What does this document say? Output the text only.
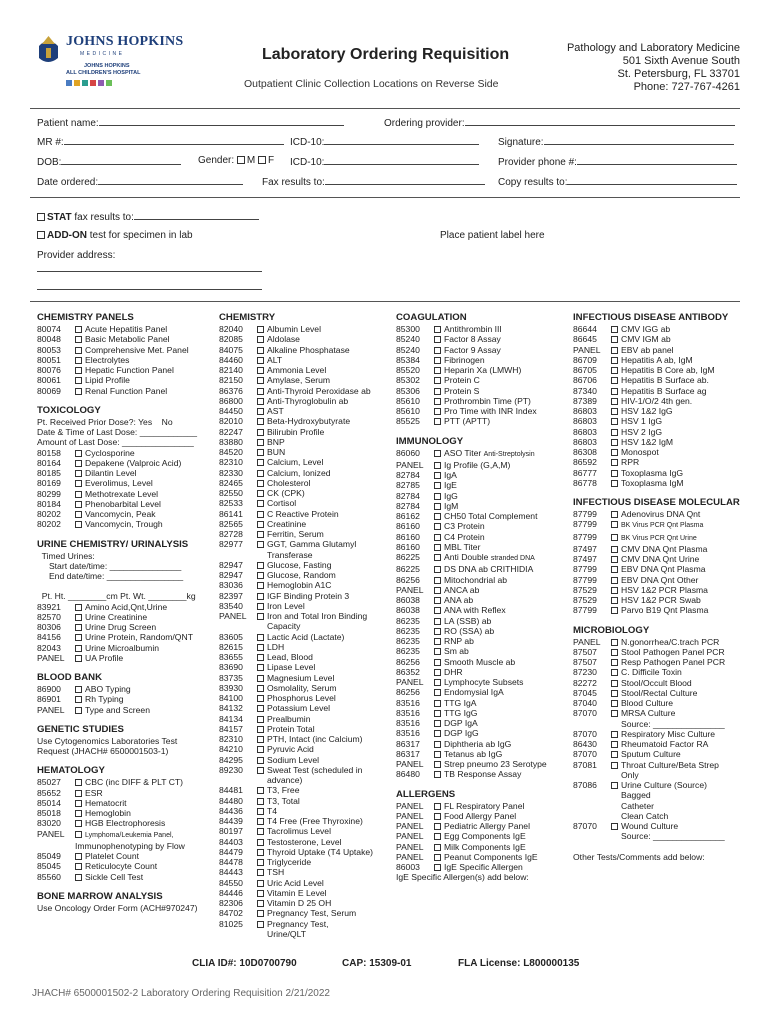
JOHNS HOPKINS
MEDICINE
JOHNS HOPKINS
ALL CHILDREN'S HOSPITAL
Laboratory Ordering Requisition
Outpatient Clinic Collection Locations on Reverse Side
Pathology and Laboratory Medicine
501 Sixth Avenue South
St. Petersburg, FL 33701
Phone: 727-767-4261
Patient name:	Ordering provider:
MR #:	ICD-10:	Signature:
DOB:	Gender: M F ICD-10:	Provider phone #:
Date ordered:	Fax results to:	Copy results to:
STAT fax results to:
ADD-ON test for specimen in lab	Place patient label here
Provider address:
CHEMISTRY PANELS
80074	Acute Hepatitis Panel
80048	Basic Metabolic Panel
80053	Comprehensive Met. Panel
80051	Electrolytes
80076	Hepatic Function Panel
80061	Lipid Profile
80069	Renal Function Panel
TOXICOLOGY
Pt. Received Prior Dose?: Yes    No
Date & Time of Last Dose: ____________
Amount of Last Dose: _______________
80158	Cyclosporine
80164	Depakene (Valproic Acid)
80185	Dilantin Level
80169	Everolimus, Level
80299	Methotrexate Level
80184	Phenobarbital Level
80202	Vancomycin, Peak
80202	Vancomycin, Trough
URINE CHEMISTRY/ URINALYSIS
Timed Urines:
Start date/time: _______________
End date/time: ________________
Pt. Ht. ________cm Pt. Wt. ________kg
83921	Amino Acid,Qnt,Urine
82570	Urine Creatinine
80306	Urine Drug Screen
84156	Urine Protein, Random/QNT
82043	Urine Microalbumin
PANEL	UA Profile
BLOOD BANK
86900	ABO Typing
86901	Rh Typing
PANEL	Type and Screen
GENETIC STUDIES
Use Cytogenomics Laboratories Test
Request (JHACH# 6500001503-1)
HEMATOLOGY
85027	CBC (inc DIFF & PLT CT)
85652	ESR
85014	Hematocrit
85018	Hemoglobin
83020	HGB Electrophoresis
PANEL	Lymphoma/Leukemia Panel,
Immunophenotyping by Flow
85049	Platelet Count
85045	Reticulocyte Count
85560	Sickle Cell Test
BONE MARROW ANALYSIS
Use Oncology Order Form (ACH#970247)
CHEMISTRY
82040	Albumin Level
82085	Aldolase
84075	Alkaline Phosphatase
84460	ALT
82140	Ammonia Level
82150	Amylase, Serum
86376	Anti-Thyroid Peroxidase ab
86800	Anti-Thyroglobulin ab
84450	AST
82010	Beta-Hydroxybutyrate
82247	Bilirubin Profile
83880	BNP
84520	BUN
82310	Calcium, Level
82330	Calcium, Ionized
82465	Cholesterol
82550	CK (CPK)
82533	Cortisol
86141	C Reactive Protein
82565	Creatinine
82728	Ferritin, Serum
82977	GGT, Gamma Glutamyl
Transferase
82947	Glucose, Fasting
82947	Glucose, Random
83036	Hemoglobin A1C
82397	IGF Binding Protein 3
83540	Iron Level
PANEL	Iron and Total Iron Binding
Capacity
83605	Lactic Acid (Lactate)
82615	LDH
83655	Lead, Blood
83690	Lipase Level
83735	Magnesium Level
83930	Osmolality, Serum
84100	Phosphorus Level
84132	Potassium Level
84134	Prealbumin
84157	Protein Total
82310	PTH, Intact (inc Calcium)
84210	Pyruvic Acid
84295	Sodium Level
89230	Sweat Test (scheduled in
advance)
84481	T3, Free
84480	T3, Total
84436	T4
84439	T4 Free (Free Thyroxine)
80197	Tacrolimus Level
84403	Testosterone, Level
84479	Thyroid Uptake (T4 Uptake)
84478	Triglyceride
84443	TSH
84550	Uric Acid Level
84446	Vitamin E Level
82306	Vitamin D 25 OH
84702	Pregnancy Test, Serum
81025	Pregnancy Test,
Urine/QLT
COAGULATION
85300	Antithrombin III
85240	Factor 8 Assay
85240	Factor 9 Assay
85384	Fibrinogen
85520	Heparin Xa (LMWH)
85302	Protein C
85306	Protein S
85610	Prothrombin Time (PT)
85610	Pro Time with INR Index
85525	PTT (APTT)
IMMUNOLOGY
86060	ASO Titer Anti-Streptolysin
PANEL	Ig Profile (G,A,M)
82784	IgA
82785	IgE
82784	IgG
82784	IgM
86162	CH50 Total Complement
86160	C3 Protein
86160	C4 Protein
86160	MBL Titer
86225	Anti Double stranded DNA
86225	DS DNA ab CRITHIDIA
86256	Mitochondrial ab
PANEL	ANCA ab
86038	ANA ab
86038	ANA with Reflex
86235	LA (SSB) ab
86235	RO (SSA) ab
86235	RNP ab
86235	Sm ab
86256	Smooth Muscle ab
86352	DHR
PANEL	Lymphocyte Subsets
86256	Endomysial IgA
83516	TTG IgA
83516	TTG IgG
83516	DGP IgA
83516	DGP IgG
86317	Diphtheria ab IgG
86317	Tetanus ab IgG
PANEL	Strep pneumo 23 Serotype
86480	TB Response Assay
ALLERGENS
PANEL	FL Respiratory Panel
PANEL	Food Allergy Panel
PANEL	Pediatric Allergy Panel
PANEL	Egg Components IgE
PANEL	Milk Components IgE
PANEL	Peanut Components IgE
86003	IgE Specific Allergen
IgE Specific Allergen(s) add below:
INFECTIOUS DISEASE ANTIBODY
86644	CMV IGG ab
86645	CMV IGM ab
PANEL	EBV ab panel
86709	Hepatitis A ab, IgM
86705	Hepatitis B Core ab, IgM
86706	Hepatitis B Surface ab.
87340	Hepatitis B Surface ag
87389	HIV-1/O/2 4th gen.
86803	HSV 1&2 IgG
86803	HSV 1 IgG
86803	HSV 2 IgG
86803	HSV 1&2 IgM
86308	Monospot
86592	RPR
86777	Toxoplasma IgG
86778	Toxoplasma IgM
INFECTIOUS DISEASE MOLECULAR
87799	Adenovirus DNA Qnt
87799	BK Virus PCR Qnt Plasma
87799	BK Virus PCR Qnt Urine
87497	CMV DNA Qnt Plasma
87497	CMV DNA Qnt Urine
87799	EBV DNA Qnt Plasma
87799	EBV DNA Qnt Other
87529	HSV 1&2 PCR Plasma
87529	HSV 1&2 PCR Swab
87799	Parvo B19 Qnt Plasma
MICROBIOLOGY
PANEL	N.gonorrhea/C.trach PCR
87507	Stool Pathogen Panel PCR
87507	Resp Pathogen Panel PCR
87230	C. Difficile Toxin
82272	Stool/Occult Blood
87045	Stool/Rectal Culture
87040	Blood Culture
87070	MRSA Culture
Source: _______________
87070	Respiratory Misc Culture
86430	Rheumatoid Factor RA
87070	Sputum Culture
87081	Throat Culture/Beta Strep
Only
87086	Urine Culture (Source)
Bagged
Catheter
Clean Catch
87070	Wound Culture
Source: _______________
Other Tests/Comments add below:
CLIA ID#: 10D0700790	CAP: 15309-01	FLA License: L800000135
JHACH# 6500001502-2 Laboratory Ordering Requisition 2/21/2022
